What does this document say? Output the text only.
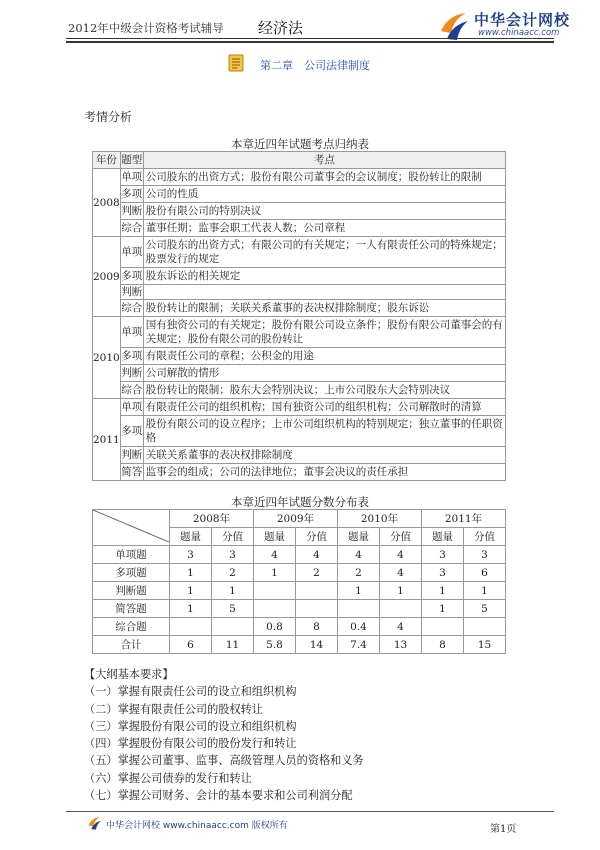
2012年中级会计资格考试辅导 经济法	中华会计网校
www.chinaacc.com
第二章　公司法律制度
考情分析
本章近四年试题考点归纳表
年份	题型	考点
2008	单项	公司股东的出资方式；股份有限公司董事会的会议制度；股份转让的限制
	多项	公司的性质
	判断	股份有限公司的特别决议
	综合	董事任期；监事会职工代表人数；公司章程
2009	单项	公司股东的出资方式；有限公司的有关规定；一人有限责任公司的特殊规定；股票发行的规定
	多项	股东诉讼的相关规定
	判断	
	综合	股份转让的限制；关联关系董事的表决权排除制度；股东诉讼
2010	单项	国有独资公司的有关规定；股份有限公司设立条件；股份有限公司董事会的有关规定；股份有限公司的股份转让
	多项	有限责任公司的章程；公积金的用途
	判断	公司解散的情形
	综合	股份转让的限制；股东大会特别决议；上市公司股东大会特别决议
2011	单项	有限责任公司的组织机构；国有独资公司的组织机构；公司解散时的清算
	多项	股份有限公司的设立程序；上市公司组织机构的特别规定；独立董事的任职资格
	判断	关联关系董事的表决权排除制度
	简答	监事会的组成；公司的法律地位；董事会决议的责任承担
本章近四年试题分数分布表
	2008年		2009年		2010年		2011年	
	题量	分值	题量	分值	题量	分值	题量	分值
单项题	3	3	4	4	4	4	3	3
多项题	1	2	1	2	2	4	3	6
判断题	1	1			1	1	1	1
简答题	1	5					1	5
综合题			0.8	8	0.4	4		
合计	6	11	5.8	14	7.4	13	8	15
【大纲基本要求】
（一）掌握有限责任公司的设立和组织机构
（二）掌握有限责任公司的股权转让
（三）掌握股份有限公司的设立和组织机构
（四）掌握股份有限公司的股份发行和转让
（五）掌握公司董事、监事、高级管理人员的资格和义务
（六）掌握公司债券的发行和转让
（七）掌握公司财务、会计的基本要求和公司利润分配
中华会计网校 www.chinaacc.com 版权所有	第1页
